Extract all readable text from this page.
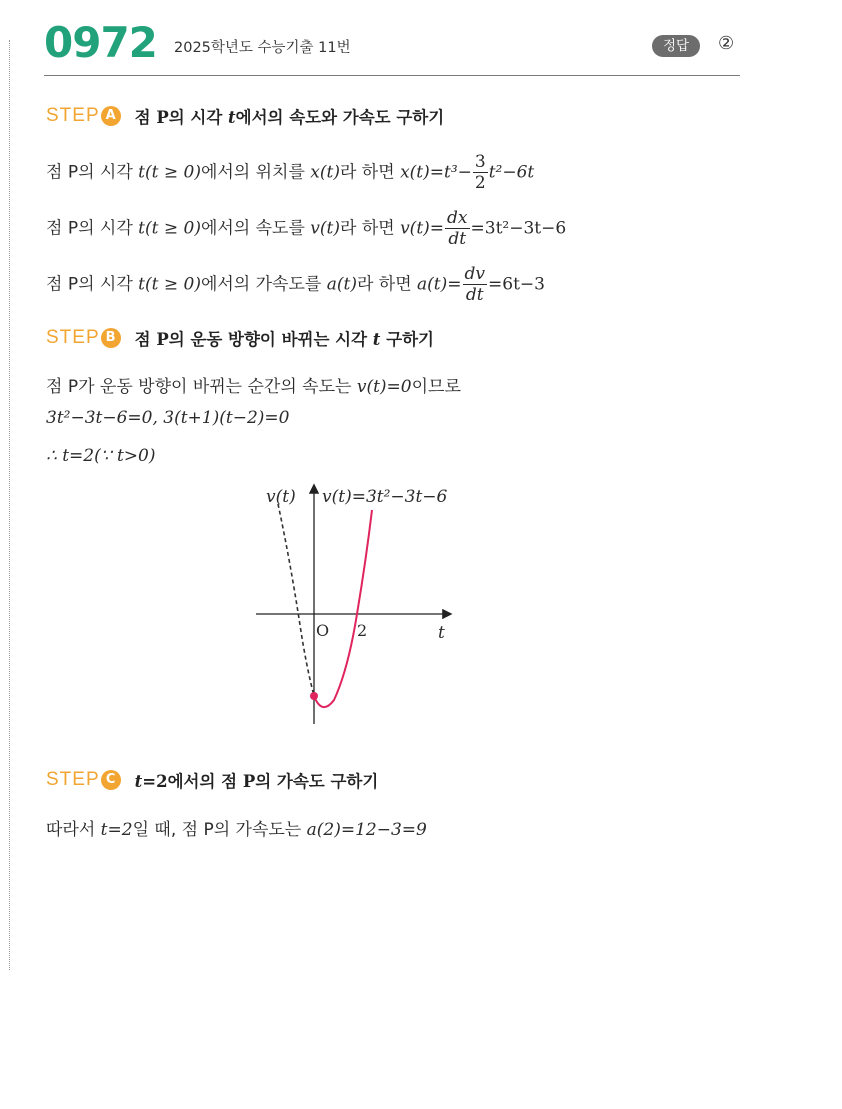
0972 2025학년도 수능기출 11번	정답	②
STEP A	점 P의 시각 t에서의 속도와 가속도 구하기
점 P의 시각 t(t ≥ 0)에서의 위치를 x(t)라 하면 $x(t)=t^3- \frac{3}{2} t^2-6t$
점 P의 시각 t(t ≥ 0)에서의 속도를 v(t)라 하면 $v(t)= \frac{dx}{dt} =3t^2-3t-6$
점 P의 시각 t(t ≥ 0)에서의 가속도를 a(t)라 하면 $a(t)= \frac{dv}{dt} =6t-3$
STEP B	점 P의 운동 방향이 바뀌는 시각 t 구하기
점 P가 운동 방향이 바뀌는 순간의 속도는 v(t)=0이므로
3t²−3t−6=0, 3(t+1)(t−2)=0
∴ t=2(∵ t>0)
v(t) v(t)=3t²−3t−6
O 2	t
STEP C	t=2에서의 점 P의 가속도 구하기
따라서 t=2일 때, 점 P의 가속도는 a(2)=12−3=9
